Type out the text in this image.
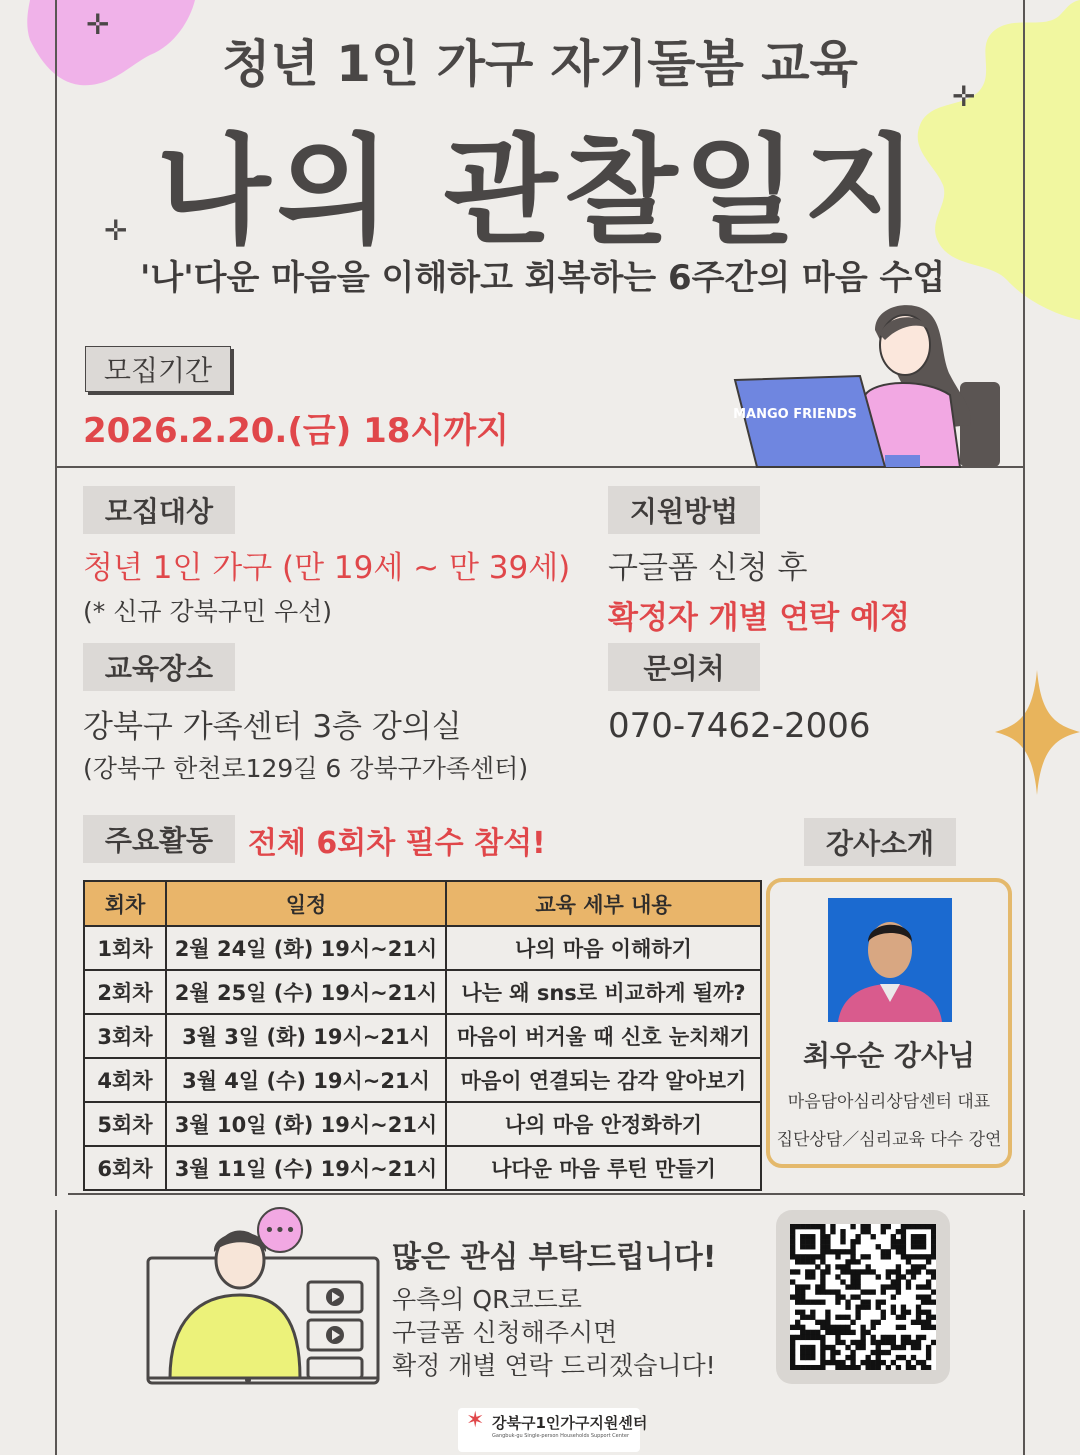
✛
✛
✛
청년 1인 가구 자기돌봄 교육
나의 관찰일지
'나'다운 마음을 이해하고 회복하는 6주간의 마음 수업
모집기간
2026.2.20.(금) 18시까지	MANGO FRIENDS
모집대상
청년 1인 가구 (만 19세 ~ 만 39세)
(* 신규 강북구민 우선)
지원방법
구글폼 신청 후
확정자 개별 연락 예정
교육장소
강북구 가족센터 3층 강의실
(강북구 한천로129길 6 강북구가족센터)
문의처
070-7462-2006
주요활동	전체 6회차 필수 참석!
회차	일정	교육 세부 내용
1회차	2월 24일 (화) 19시~21시	나의 마음 이해하기
2회차	2월 25일 (수) 19시~21시	나는 왜 sns로 비교하게 될까?
3회차	3월 3일 (화) 19시~21시	마음이 버거울 때 신호 눈치채기
4회차	3월 4일 (수) 19시~21시	마음이 연결되는 감각 알아보기
5회차	3월 10일 (화) 19시~21시	나의 마음 안정화하기
6회차	3월 11일 (수) 19시~21시	나다운 마음 루틴 만들기
강사소개
최우순 강사님
마음담아심리상담센터 대표
집단상담／심리교육 다수 강연
•••
많은 관심 부탁드립니다!
우측의 QR코드로
구글폼 신청해주시면
확정 개별 연락 드리겠습니다!
✶ 강북구1인가구지원센터
Gangbuk-gu Single-person Households Support Center
